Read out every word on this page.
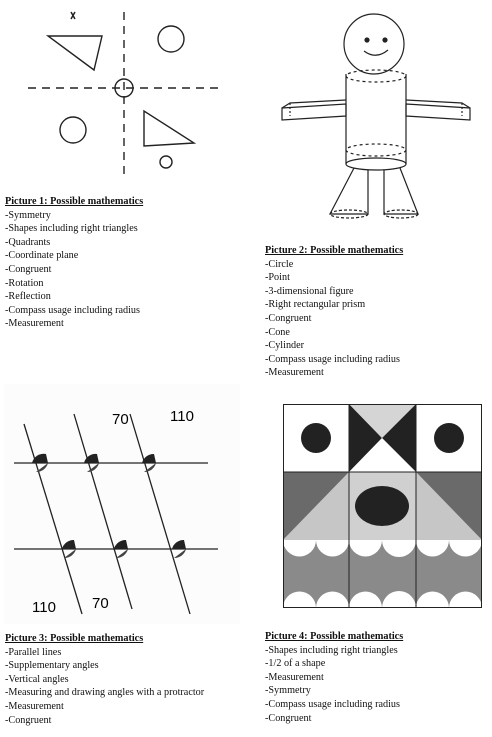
Picture 1: Possible mathematics
-Symmetry
-Shapes including right triangles
-Quadrants
-Coordinate plane
-Congruent
-Rotation
-Reflection
-Compass usage including radius
-Measurement
Picture 2: Possible mathematics
-Circle
-Point
-3-dimensional figure
-Right rectangular prism
-Congruent
-Cone
-Cylinder
-Compass usage including radius
-Measurement
70	110
110 70
Picture 3: Possible mathematics
-Parallel lines
-Supplementary angles
-Vertical angles
-Measuring and drawing angles with a protractor
-Measurement
-Congruent
Picture 4: Possible mathematics
-Shapes including right triangles
-1/2 of a shape
-Measurement
-Symmetry
-Compass usage including radius
-Congruent
